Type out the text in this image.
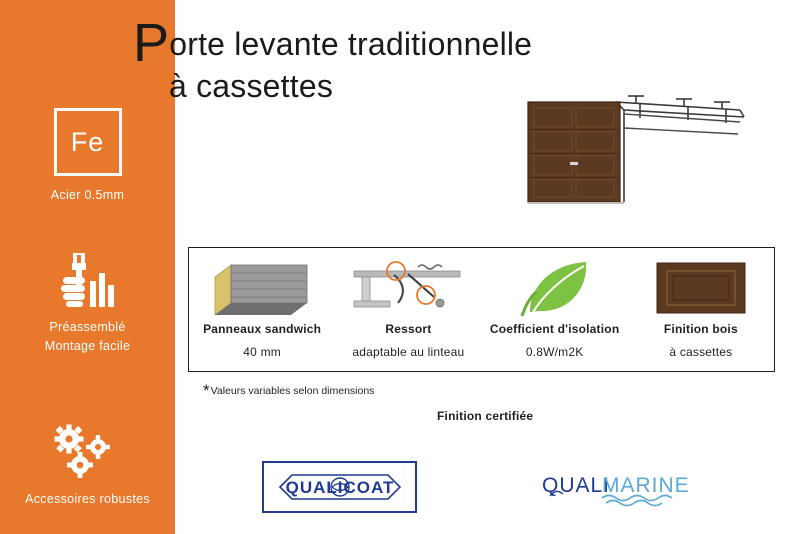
Fe
Acier 0.5mm
Préassemblé
Montage facile
Accessoires robustes
Porte levante traditionnelle
à cassettes
Panneaux sandwich
40 mm
Ressort
adaptable au linteau
Coefficient d'isolation
0.8W/m2K
Finition bois
à cassettes
*Valeurs variables selon dimensions
Finition certifiée
QUALICOAT	QUALI
MARINE
